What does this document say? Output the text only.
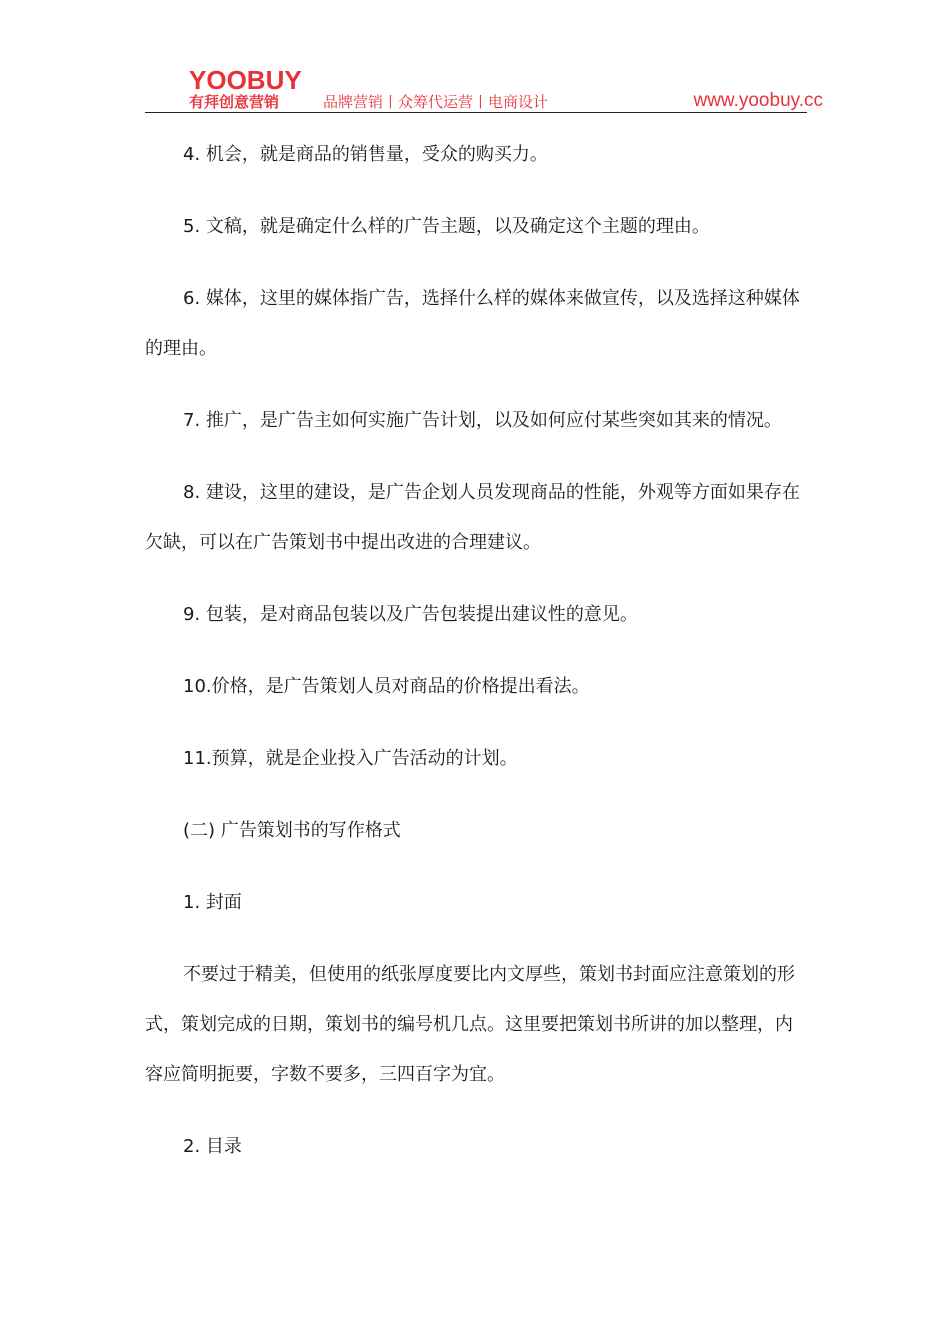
YOOBUY
有拜创意营销	品牌营销丨众筹代运营丨电商设计	www.yoobuy.cc

4. 机会，就是商品的销售量，受众的购买力。

5. 文稿，就是确定什么样的广告主题，以及确定这个主题的理由。

6. 媒体，这里的媒体指广告，选择什么样的媒体来做宣传，以及选择这种媒体的理由。

7. 推广，是广告主如何实施广告计划，以及如何应付某些突如其来的情况。

8. 建设，这里的建设，是广告企划人员发现商品的性能，外观等方面如果存在欠缺，可以在广告策划书中提出改进的合理建议。

9. 包装，是对商品包装以及广告包装提出建议性的意见。

10.价格，是广告策划人员对商品的价格提出看法。

11.预算，就是企业投入广告活动的计划。

(二) 广告策划书的写作格式

1. 封面

不要过于精美，但使用的纸张厚度要比内文厚些，策划书封面应注意策划的形式，策划完成的日期，策划书的编号机几点。这里要把策划书所讲的加以整理，内容应简明扼要，字数不要多，三四百字为宜。

2. 目录
